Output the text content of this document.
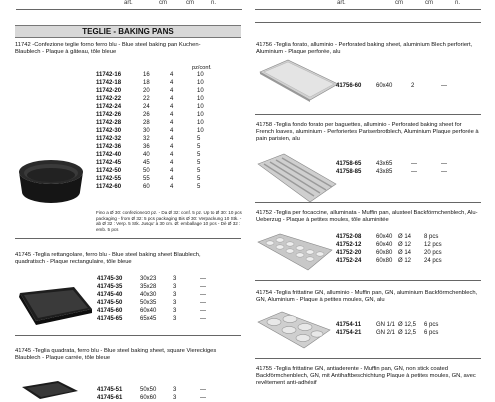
art.	cm	cm	n.	art.	cm	cm	n.
TEGLIE - BAKING PANS
11742 -Confezione teglie forno ferro blu - Blue steel baking pan Kuchen-Blaublech - Plaque à gâteau, tôle bleue
pz/conf.
11742-16	16	4	10
11742-18	18	4	10
11742-20	20	4	10
11742-22	22	4	10
11742-24	24	4	10
11742-26	26	4	10
11742-28	28	4	10
11742-30	30	4	10
11742-32	32	4	5
11742-36	36	4	5
11742-40	40	4	5
11742-45	45	4	5
11742-50	50	4	5
11742-55	55	4	5
11742-60	60	4	5
Fino a Ø 30: confezione10 pz. - Da Ø 32: conf. 5 pz. Up to Ø 30: 10 pcs packaging - from Ø 32: 5 pcs packaging Bis Ø 30: Verpackung 10 Stk. - ab Ø 32 : Verp. 5 Stk. Jusqu' à 30 cm. Ø: emballage 10 pcs - Dè Ø 32 : emb. 5 pcs
41745 -Teglia rettangolare, ferro blu - Blue steel baking sheet Blaublech, quadratisch - Plaque rectangulaire, tôle bleue
41745-30	30x23	3	—
41745-35	35x28	3	—
41745-40	40x30	3	—
41745-50	50x35	3	—
41745-60	60x40	3	—
41745-65	65x45	3	—
41745 -Teglia quadrata, ferro blu - Blue steel baking sheet, square Viereckiges Blaublech - Plaque carrée, tôle bleue
41745-51	50x50	3	—
41745-61	60x60	3	—
41756 -Teglia forato, alluminio - Perforated baking sheet, aluminium Blech perforiert, Aluminium - Plaque perforée, alu
41756-60	60x40	2	—
41758 -Teglia fondo forato per baguettes, alluminio - Perforated baking sheet for French loaves, aluminium - Perforiertes Pariserbrotblech, Aluminium Plaque perforée à pain parisien, alu
41758-65	43x65	—	—
41758-85	43x85	—	—
41752 -Teglia per focaccine, alluminata - Muffin pan, alusteel Backförmchenblech, Alu-Ueberzug - Plaque à petites moules, tôle aluminitée
41752-08	60x40	Ø 14	8 pcs
41752-12	60x40	Ø 12	12 pcs
41752-20	60x80	Ø 14	20 pcs
41752-24	60x80	Ø 12	24 pcs
41754 -Teglia frittatine GN, alluminio - Muffin pan, GN, aluminium Backförmchenblech, GN, Aluminium - Plaque à petites moules, GN, alu
41754-11	GN 1/1	Ø 12,5	6 pcs
41754-21	GN 2/1	Ø 12,5	6 pcs
41755 -Teglia frittatine GN, antiaderente - Muffin pan, GN, non stick coated Backförmchenblech, GN, mit Antihaftbeschichtung Plaque à petites moules, GN, avec revêtement anti-adhésif
